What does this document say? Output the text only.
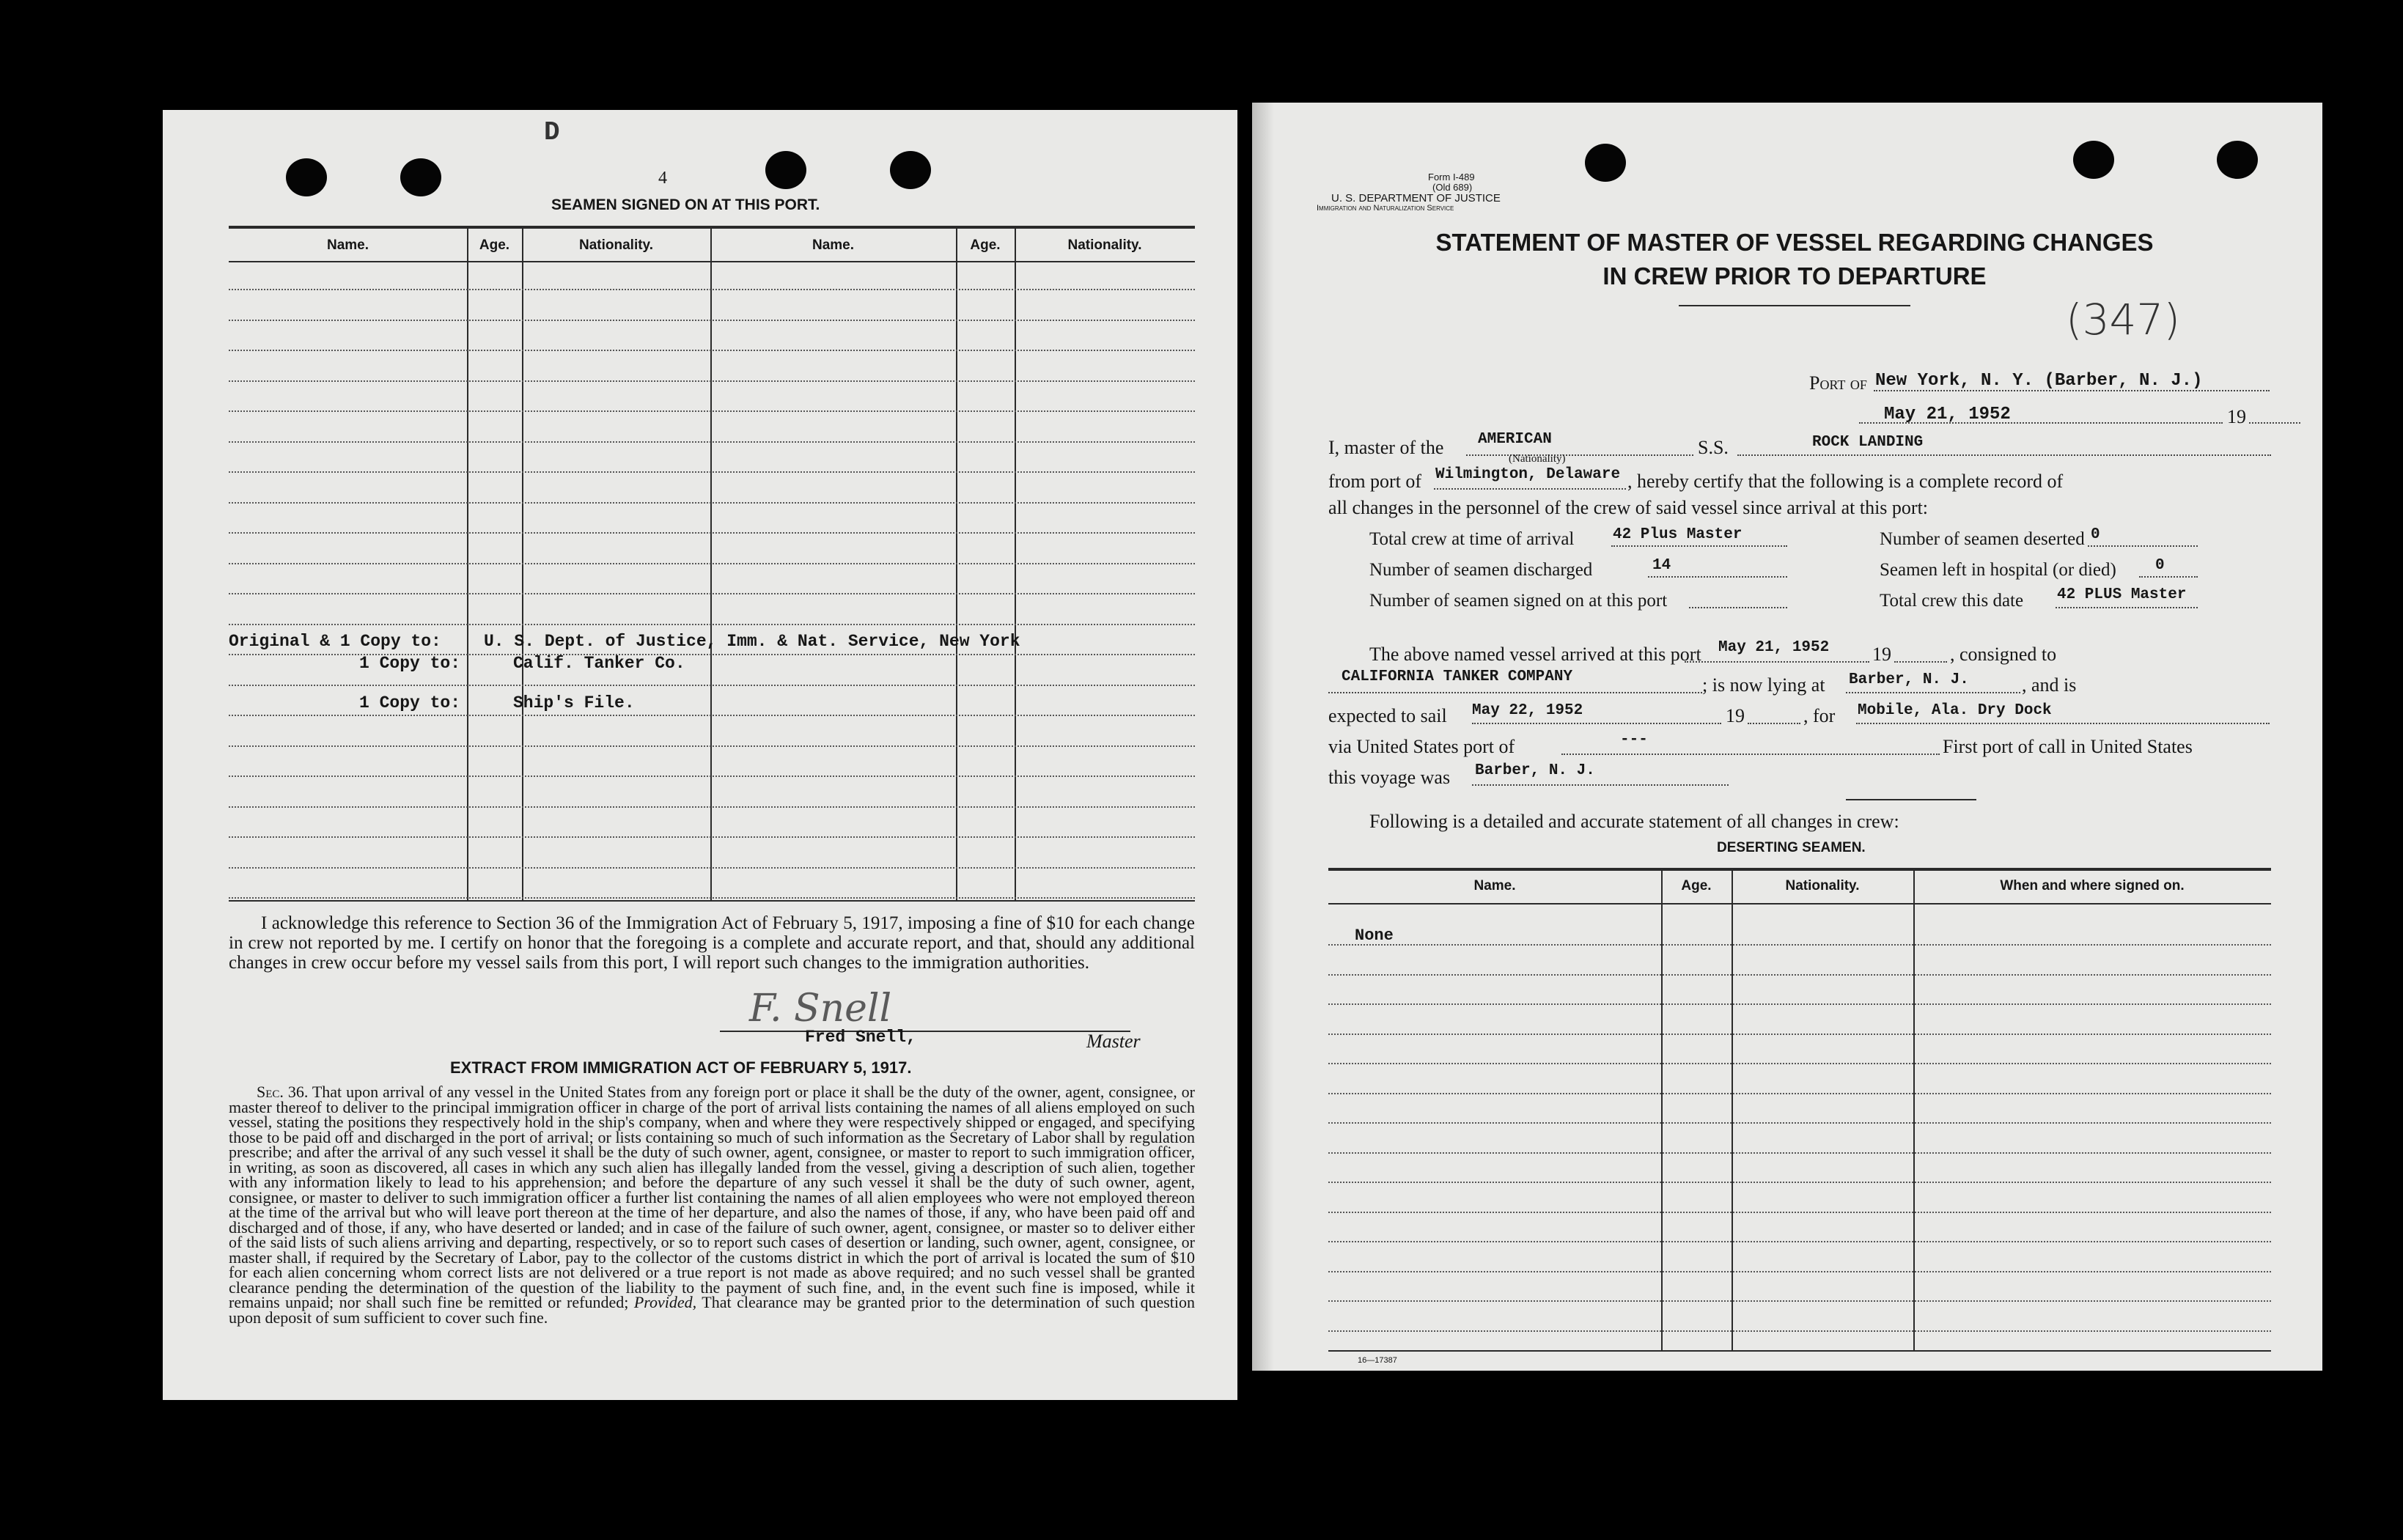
D
4
SEAMEN SIGNED ON AT THIS PORT.
Name.	Age.	Nationality.	Name.	Age.	Nationality.
Original & 1 Copy to:	U. S. Dept. of Justice, Imm. & Nat. Service, New York
1 Copy to:	Calif. Tanker Co.
1 Copy to:	Ship's File.
I acknowledge this reference to Section 36 of the Immigration Act of February 5, 1917, imposing a fine of $10 for each change in crew not reported by me. I certify on honor that the foregoing is a complete and accurate report, and that, should any additional changes in crew occur before my vessel sails from this port, I will report such changes to the immigration authorities.
F. Snell
Fred Snell,	Master
EXTRACT FROM IMMIGRATION ACT OF FEBRUARY 5, 1917.
Sec. 36. That upon arrival of any vessel in the United States from any foreign port or place it shall be the duty of the owner, agent, consignee, or master thereof to deliver to the principal immigration officer in charge of the port of arrival lists containing the names of all aliens employed on such vessel, stating the positions they respectively hold in the ship's company, when and where they were respectively shipped or engaged, and specifying those to be paid off and discharged in the port of arrival; or lists containing so much of such information as the Secretary of Labor shall by regulation prescribe; and after the arrival of any such vessel it shall be the duty of such owner, agent, consignee, or master to report to such immigration officer, in writing, as soon as discovered, all cases in which any such alien has illegally landed from the vessel, giving a description of such alien, together with any information likely to lead to his apprehension; and before the departure of any such vessel it shall be the duty of such owner, agent, consignee, or master to deliver to such immigration officer a further list containing the names of all alien employees who were not employed thereon at the time of the arrival but who will leave port thereon at the time of her departure, and also the names of those, if any, who have been paid off and discharged and of those, if any, who have deserted or landed; and in case of the failure of such owner, agent, consignee, or master so to deliver either of the said lists of such aliens arriving and departing, respectively, or so to report such cases of desertion or landing, such owner, agent, consignee, or master shall, if required by the Secretary of Labor, pay to the collector of the customs district in which the port of arrival is located the sum of $10 for each alien concerning whom correct lists are not delivered or a true report is not made as above required; and no such vessel shall be granted clearance pending the determination of the question of the liability to the payment of such fine, and, in the event such fine is imposed, while it remains unpaid; nor shall such fine be remitted or refunded; Provided, That clearance may be granted prior to the determination of such question upon deposit of sum sufficient to cover such fine.
Form I-489
(Old 689)
U. S. DEPARTMENT OF JUSTICE
Immigration and Naturalization Service
STATEMENT OF MASTER OF VESSEL REGARDING CHANGES
IN CREW PRIOR TO DEPARTURE
(347)
Port of New York, N. Y. (Barber, N. J.)
May 21, 1952	19
I, master of the AMERICAN
(Nationality)
S.S.	ROCK LANDING
from port of Wilmington, Delaware , hereby certify that the following is a complete record of
all changes in the personnel of the crew of said vessel since arrival at this port:
Total crew at time of arrival	42 Plus Master	Number of seamen deserted 0
Number of seamen discharged	14	Seamen left in hospital (or died)	0
Number of seamen signed on at this port	Total crew this date 42 PLUS Master
The above named vessel arrived at this port May 21, 1952 19	, consigned to
CALIFORNIA TANKER COMPANY	; is now lying at Barber, N. J.	, and is
expected to sail May 22, 1952	19	, for Mobile, Ala. Dry Dock
via United States port of	---	First port of call in United States
this voyage was Barber, N. J.
Following is a detailed and accurate statement of all changes in crew:
DESERTING SEAMEN.
Name.	Age.	Nationality.	When and where signed on.
None
16—17387
